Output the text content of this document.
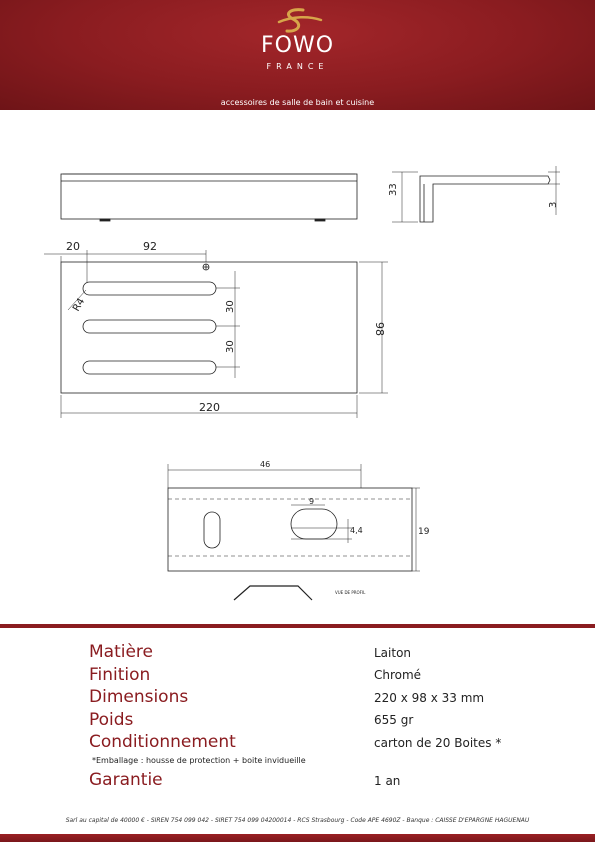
FOWO
FRANCE
accessoires de salle de bain et cuisine
33
3
20	92
R4	30
30
98
220
46
9
4,4	19
VUE DE PROFIL
Matière	Laiton
Finition	Chromé
Dimensions	220 x 98 x 33 mm
Poids	655 gr
Conditionnement	carton de 20 Boites *
*Emballage : housse de protection + boite invidueille
Garantie	1 an
Sarl au capital de 40000 € - SIREN 754 099 042 - SIRET 754 099 04200014 - RCS Strasbourg - Code APE 4690Z - Banque : CAISSE D'EPARGNE HAGUENAU
